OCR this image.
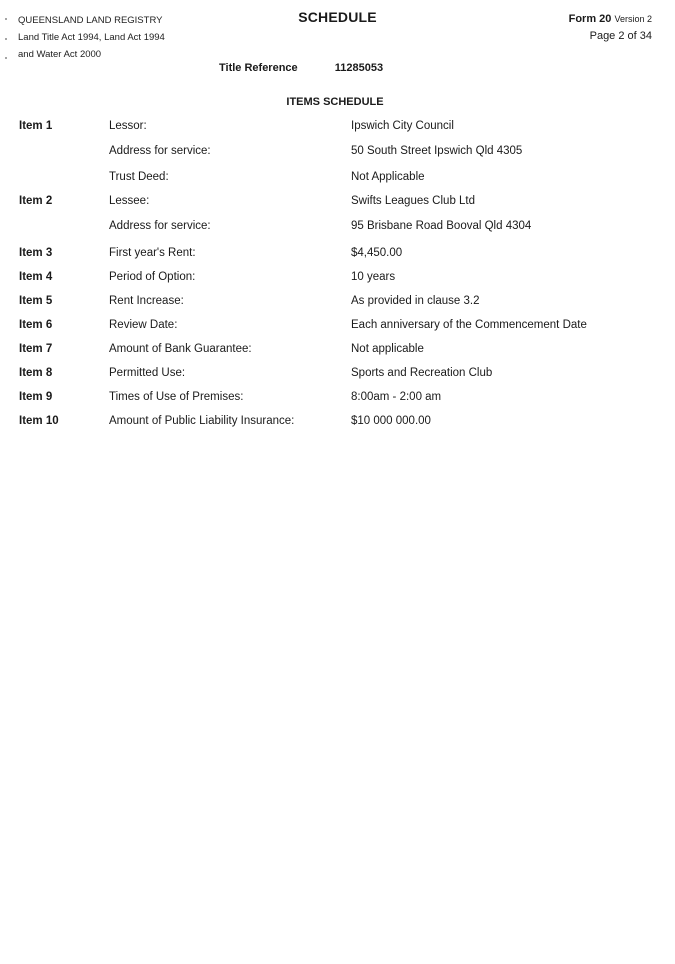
QUEENSLAND LAND REGISTRY
Land Title Act 1994, Land Act 1994
and Water Act 2000
SCHEDULE	Form 20 Version 2
Page 2 of 34
Title Reference	11285053
ITEMS SCHEDULE
Item 1	Lessor:	Ipswich City Council
Address for service:	50 South Street Ipswich Qld 4305
Trust Deed:	Not Applicable
Item 2	Lessee:	Swifts Leagues Club Ltd
Address for service:	95 Brisbane Road Booval Qld 4304
Item 3	First year's Rent:	$4,450.00
Item 4	Period of Option:	10 years
Item 5	Rent Increase:	As provided in clause 3.2
Item 6	Review Date:	Each anniversary of the Commencement Date
Item 7	Amount of Bank Guarantee:	Not applicable
Item 8	Permitted Use:	Sports and Recreation Club
Item 9	Times of Use of Premises:	8:00am - 2:00 am
Item 10	Amount of Public Liability Insurance:	$10 000 000.00
